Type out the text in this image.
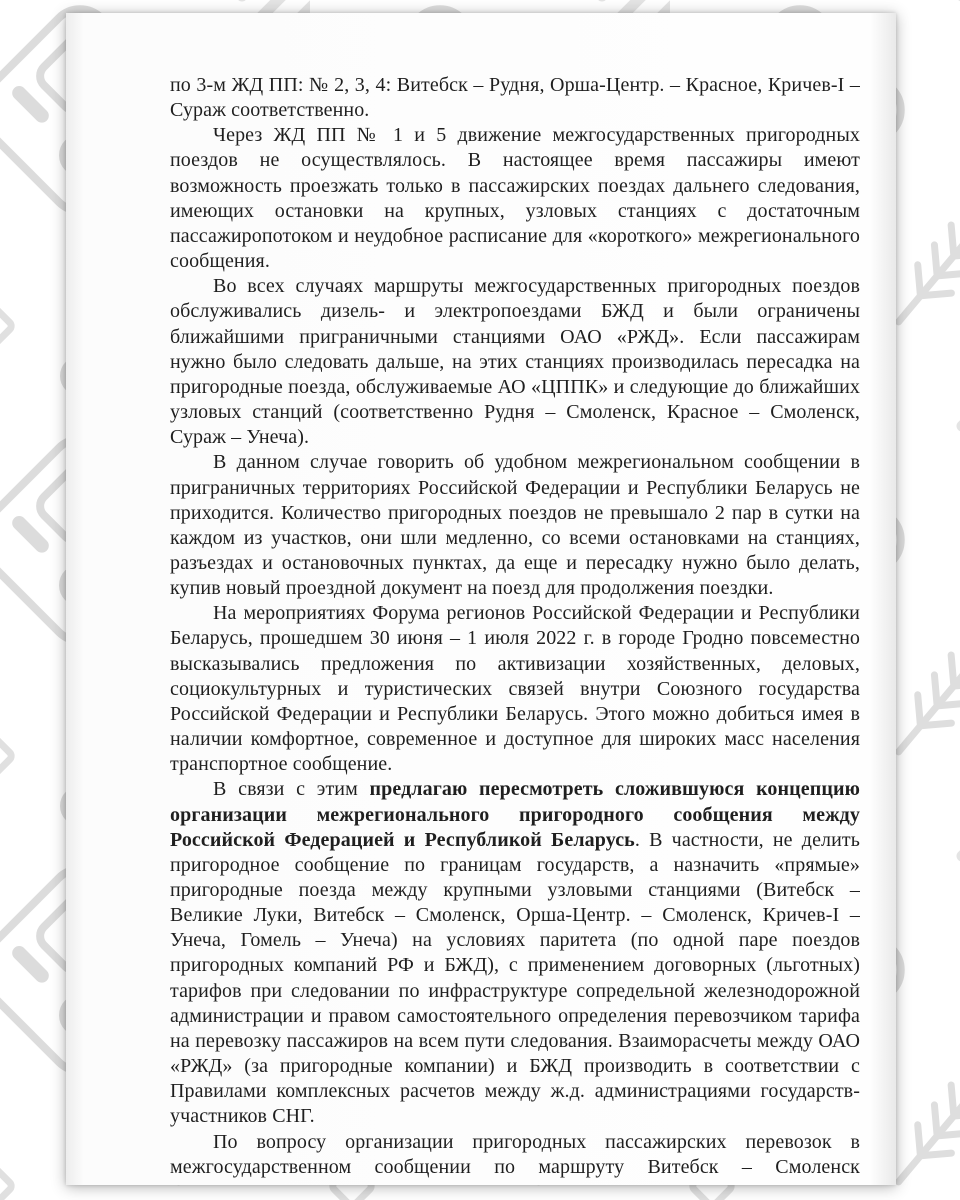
по 3-м ЖД ПП: № 2, 3, 4: Витебск – Рудня, Орша-Центр. – Красное, Кричев-I – Сураж соответственно.

Через ЖД ПП № 1 и 5 движение межгосударственных пригородных поездов не осуществлялось. В настоящее время пассажиры имеют возможность проезжать только в пассажирских поездах дальнего следования, имеющих остановки на крупных, узловых станциях с достаточным пассажиропотоком и неудобное расписание для «короткого» межрегионального сообщения.

Во всех случаях маршруты межгосударственных пригородных поездов обслуживались дизель- и электропоездами БЖД и были ограничены ближайшими приграничными станциями ОАО «РЖД». Если пассажирам нужно было следовать дальше, на этих станциях производилась пересадка на пригородные поезда, обслуживаемые АО «ЦППК» и следующие до ближайших узловых станций (соответственно Рудня – Смоленск, Красное – Смоленск, Сураж – Унеча).

В данном случае говорить об удобном межрегиональном сообщении в приграничных территориях Российской Федерации и Республики Беларусь не приходится. Количество пригородных поездов не превышало 2 пар в сутки на каждом из участков, они шли медленно, со всеми остановками на станциях, разъездах и остановочных пунктах, да еще и пересадку нужно было делать, купив новый проездной документ на поезд для продолжения поездки.

На мероприятиях Форума регионов Российской Федерации и Республики Беларусь, прошедшем 30 июня – 1 июля 2022 г. в городе Гродно повсеместно высказывались предложения по активизации хозяйственных, деловых, социокультурных и туристических связей внутри Союзного государства Российской Федерации и Республики Беларусь. Этого можно добиться имея в наличии комфортное, современное и доступное для широких масс населения транспортное сообщение.

В связи с этим предлагаю пересмотреть сложившуюся концепцию организации межрегионального пригородного сообщения между Российской Федерацией и Республикой Беларусь. В частности, не делить пригородное сообщение по границам государств, а назначить «прямые» пригородные поезда между крупными узловыми станциями (Витебск – Великие Луки, Витебск – Смоленск, Орша-Центр. – Смоленск, Кричев-I – Унеча, Гомель – Унеча) на условиях паритета (по одной паре поездов пригородных компаний РФ и БЖД), с применением договорных (льготных) тарифов при следовании по инфраструктуре сопредельной железнодорожной администрации и правом самостоятельного определения перевозчиком тарифа на перевозку пассажиров на всем пути следования. Взаиморасчеты между ОАО «РЖД» (за пригородные компании) и БЖД производить в соответствии с Правилами комплексных расчетов между ж.д. администрациями государств-участников СНГ.

По вопросу организации пригородных пассажирских перевозок в межгосударственном сообщении по маршруту Витебск – Смоленск
